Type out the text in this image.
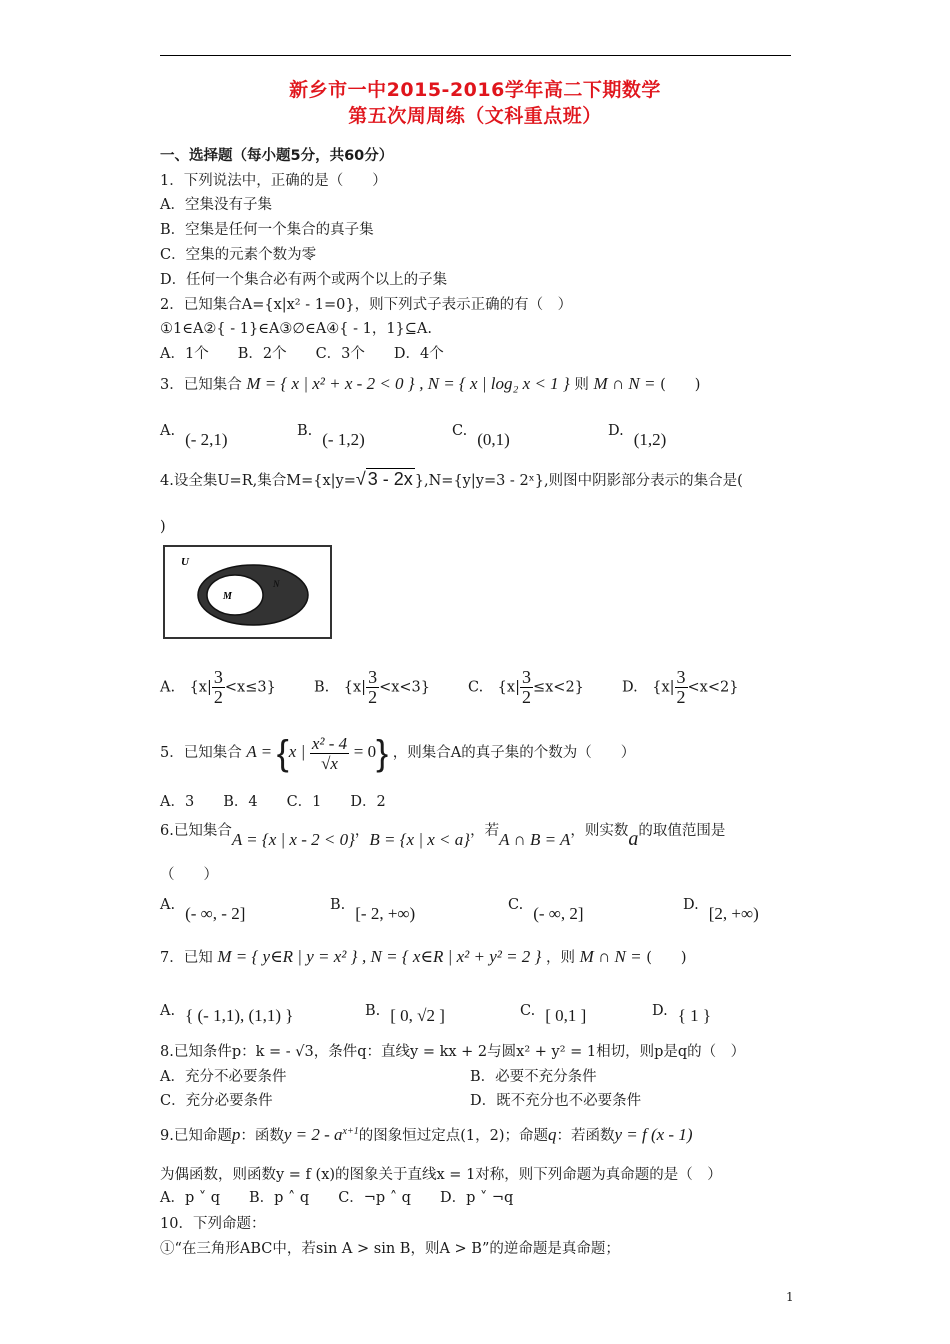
新乡市一中2015-2016学年高二下期数学
第五次周周练（文科重点班）
一、选择题（每小题5分，共60分）
1．下列说法中，正确的是（　　）
A．空集没有子集
B．空集是任何一个集合的真子集
C．空集的元素个数为零
D．任何一个集合必有两个或两个以上的子集
2．已知集合A={x|x² - 1=0}，则下列式子表示正确的有（　）
①1∈A②{ - 1}∈A③∅∈A④{ - 1，1}⊆A.
A．1个　　B．2个　　C．3个　　D．4个
3．已知集合 M = { x | x² + x - 2 < 0 } , N = { x | log₂ x < 1 } 则 M ∩ N = (　　)
A. (- 2,1)	B. (- 1,2)	C. (0,1)	D. (1,2)
4.设全集U=R,集合M={x|y=√ 3 - 2x },N={y|y=3 - 2ˣ},则图中阴影部分表示的集合是(
)
U
M
N
A.　$\{x| \frac{3}{2} <x\le 3\}$	B.　$\{x| \frac{3}{2} <x<3\}$	C.　$\{x| \frac{3}{2} \le x<2\}$	D.　$\{x| \frac{3}{2} <x<2\}$
5．已知集合 A = {x | $\frac{\text{x² - 4}}{√x} = 0$} ，则集合A的真子集的个数为（　　）
A．3　　B．4　　C．1　　D．2
6.已知集合A = {x | x - 2 < 0}，B = {x | x < a}，若A ∩ B = A，则实数a的取值范围是
（　　）
A. (- ∞, - 2]	B. [- 2, +∞)	C. (- ∞, 2]	D. [2, +∞)
7．已知 M = { y∈R | y = x² } , N = { x∈R | x² + y² = 2 } ，则 M ∩ N = (　　)
A. { (- 1,1), (1,1) }	B. [ 0, √2 ]	C. [ 0,1 ]	D. { 1 }
8.已知条件p：k = - √3，条件q：直线y = kx + 2与圆x² + y² = 1相切，则p是q的（　）
A．充分不必要条件	B．必要不充分条件
C．充分必要条件	D．既不充分也不必要条件
9.已知命题p：函数$y = 2 - a^{x+1}$的图象恒过定点(1，2)；命题q：若函数y = f (x - 1)
为偶函数，则函数y = f (x)的图象关于直线x = 1对称，则下列命题为真命题的是（　）
A．p ˅ q　　B．p ˄ q　　C．¬p ˄ q　　D．p ˅ ¬q
10．下列命题：
①“在三角形ABC中，若sin A > sin B，则A > B”的逆命题是真命题；
1
